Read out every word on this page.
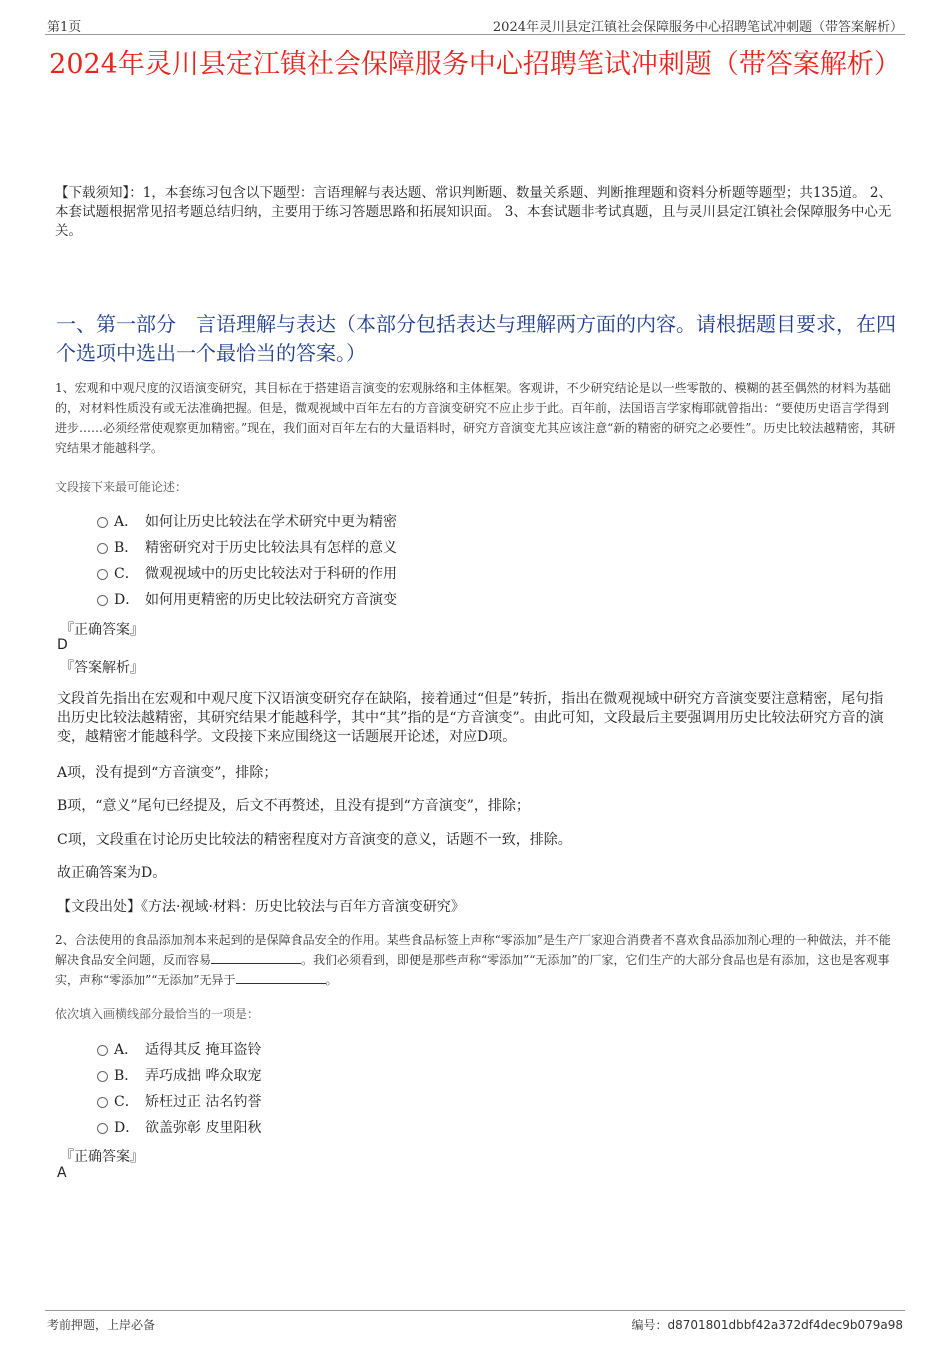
第1页	2024年灵川县定江镇社会保障服务中心招聘笔试冲刺题（带答案解析）
2024年灵川县定江镇社会保障服务中心招聘笔试冲刺题（带答案解析）
【下载须知】：1，本套练习包含以下题型：言语理解与表达题、常识判断题、数量关系题、判断推理题和资料分析题等题型；共135道。 2、本套试题根据常见招考题总结归纳，主要用于练习答题思路和拓展知识面。 3、本套试题非考试真题，且与灵川县定江镇社会保障服务中心无关。
一、第一部分　言语理解与表达（本部分包括表达与理解两方面的内容。请根据题目要求，在四个选项中选出一个最恰当的答案。）
1、宏观和中观尺度的汉语演变研究，其目标在于搭建语言演变的宏观脉络和主体框架。客观讲，不少研究结论是以一些零散的、模糊的甚至偶然的材料为基础的，对材料性质没有或无法准确把握。但是，微观视域中百年左右的方音演变研究不应止步于此。百年前，法国语言学家梅耶就曾指出：“要使历史语言学得到进步……必须经常使观察更加精密。”现在，我们面对百年左右的大量语料时，研究方音演变尤其应该注意“新的精密的研究之必要性”。历史比较法越精密，其研究结果才能越科学。
文段接下来最可能论述：
A． 如何让历史比较法在学术研究中更为精密
B． 精密研究对于历史比较法具有怎样的意义
C． 微观视域中的历史比较法对于科研的作用
D． 如何用更精密的历史比较法研究方音演变
『正确答案』
D
『答案解析』
文段首先指出在宏观和中观尺度下汉语演变研究存在缺陷，接着通过“但是”转折，指出在微观视域中研究方音演变要注意精密，尾句指出历史比较法越精密，其研究结果才能越科学，其中“其”指的是“方音演变”。由此可知，文段最后主要强调用历史比较法研究方音的演变，越精密才能越科学。文段接下来应围绕这一话题展开论述，对应D项。
A项，没有提到“方音演变”，排除；
B项，“意义”尾句已经提及，后文不再赘述，且没有提到“方音演变”，排除；
C项，文段重在讨论历史比较法的精密程度对方音演变的意义，话题不一致，排除。
故正确答案为D。
【文段出处】《方法·视域·材料：历史比较法与百年方音演变研究》
2、合法使用的食品添加剂本来起到的是保障食品安全的作用。某些食品标签上声称“零添加”是生产厂家迎合消费者不喜欢食品添加剂心理的一种做法，并不能解决食品安全问题，反而容易	。我们必须看到，即便是那些声称“零添加”“无添加”的厂家，它们生产的大部分食品也是有添加，这也是客观事实，声称“零添加”“无添加”无异于	。
依次填入画横线部分最恰当的一项是：
A． 适得其反 掩耳盗铃
B． 弄巧成拙 哗众取宠
C． 矫枉过正 沽名钓誉
D． 欲盖弥彰 皮里阳秋
『正确答案』
A
考前押题，上岸必备	编号：d8701801dbbf42a372df4dec9b079a98
